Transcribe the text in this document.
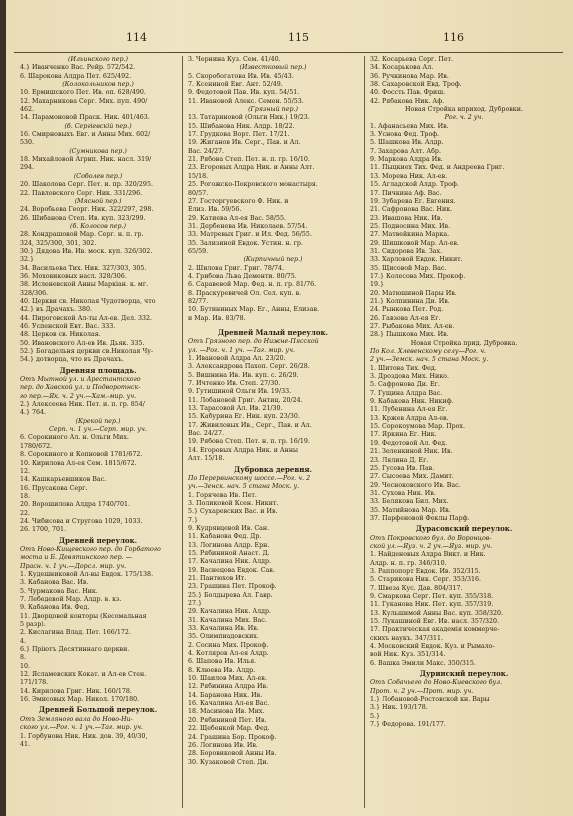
114	115	116
(Ильинского пер.)
4.} Иванченко Вас. Рейр. 572/542.
6. Шарокова Алдра Пет. 625/492.
(Колокольников пер.)
10. Ермишского Пет. Ив. оп. 628/490.
12. Махарникова Серг. Мих. пуп. 490/
462.
14. Парамоновой Праск. Ник. 401/463.
(б. Сергіевскій пер.)
16. Смирновыхъ Евг. и Анны Мих. 602/
530.
(Сумникова пер.)
18. Михайловой Агрип. Ник. насл. 319/
294.
(Соболев пер.)
20. Шаколова Серг. Пет. и. пр. 320/295.
22. Павловского Серг. Ник. 331/296.
(Мясной пер.)
24. Воробьева Георг. Ник. 322/297, 298.
26. Шибанова Степ. Ив. куп. 323/299.
(б. Колосов пер.)
28. Кондрашовой Мар. Серг. н. п. гр.
324, 325/300, 301, 302.
30.} Дядова Ив. Ив. моск. куп. 326/302.
32.}
34. Васильева Тих. Ник. 327/303, 305.
36. Моховиковых насл. 328/306.
38. Исленевской Анны Маркіан. к. мг.
328/306.
40. Церкви св. Николая Чудотворца, что
42.} въ Драчахъ. 380.
44. Пироговской Ал-ты Ал-ев. Дел. 332.
46. Успенской Евт. Вас. 333.
48. Церков св. Николая.
50. Ивановского Ал-ев Ив. Дьяк. 335.
52.} Богадельня церкви св.Николая Чу-
54.} дотворца, что въ Драчахъ.
Древняя площадь.
Отъ Мытной ул. и Арестантского
пер. до Хавской ул. и Подворотнск-
го пер.—Як. ч. 2 уч.—Хам.-мир. уч.
2.} Алексеева Ник. Пет. и. п. гр. 854/
4.} 764.
(Крекой пер.)
Серп. ч. 1 уч.—Серп. мир. уч.
6. Сорокиного Ал. н. Ольги Мих.
1780/672.
8. Сорокиного и Копновой 1781/672.
10. Кирилова Ал-ея Сем. 1815/672.
12.
14. Кашкарьевшиков Вас.
16. Прусакова Серг.
18.
20. Ворошилова Алдра 1740/701.
22.
24. Чибисова и Стругова 1029, 1033.
26. 1700, 701.
Древней переулок.
Отъ Ново-Кищевского пер. до Горбатого
моста и Б. Девятинского пер. —
Прасн. ч. 1 уч.—Дорсл. мир. уч.
1. Кудешниковой Ал-вы Евдок. 175/138.
3. Кабанова Вас. Ив.
5. Чурмакова Вас. Ник.
7. Лебедевой Мар. Алдр. в. кз.
9. Кабанова Ив. Фед.
11. Дворцовой конторы (Кесомальная
5 разр).
2. Кислагина Влад. Пет. 166/172.
4.
6.} Пріютъ Десятиннаго церкви.
8.
10.
12. Ясламевских Кокат. и Ал-ев Стен.
171/178.
14. Кирилова Григ. Ник. 160/178.
16. Эмисовых Мар. Никол. 170/180.
Древней Большой переулок.
Отъ Земляного вала до Ново-Ни-
ского ул.—Рог. ч. 1 уч.—Таг. мир. уч.
1. Горбунова Ник. Ник. дов. 39, 40/30,
41.
3. Чернина Куз. Сем. 41/40.
(Известковый пер.)
5. Скоробогатова Ив. Ив. 45/43.
7. Ксениной Евг. Ант. 52/49.
9. Федотовой Пав. Ив. куп. 54/51.
11. Ивановой Алекс. Семен. 55/53.
(Грязный пер.)
13. Татариновой (Ольги Ник.) 19/23.
15. Шибанова Ник. Алдр. 18/22.
17. Грудкова Ворт. Пет. 17/21.
19. Жиганов Ив. Серг., Пав. и Ал.
Вас. 24/27.
21. Рябова Степ. Пет. н. п. гр. 16/10.
23. Егоровых Алдра Ник. и Анны Алт.
15/18.
25. Рогожско-Покровского монастыря.
80/57.
27. Госторгуевского Ф. Ник. и
Елиз. Ив. 59/56.
29. Катиева Ал-ея Вас. 58/55.
31. Дербенева Ив. Николаев. 57/54.
33. Матревых Григ. и Ил. Фед. 56/55.
35. Зализиной Евдок. Устин. н. гр.
65/59.
(Кирпичный пер.)
2. Шилова Григ. Григ. 78/74.
4. Грибова Льва Дементи. 80/75.
6. Саравевой Мар. Фед. н. п. гр. 81/76.
8. Праскуревичей Ол. Сел. куп. в.
82/77.
10. Бутининых Мар. Ег., Анны, Елизав.
и Мар. Ив. 83/78.
Древней Малый переулок.
Отъ Грязного пер. до Нижне-Пясской
ул. —Рог. ч. 1 уч. —Таг. мир. уч.
1. Ивановой Алдра Ал. 23/20.
3. Александрова Пахоп. Серг. 26/28.
5. Вишнина Ив. Ив. куп. с. 26/29.
7. Ичтенко Ив. Степ. 27/30.
9. Гутишиной Ольги Ив. 19/33.
11. Лобановой Григ. Антиц. 20/24.
13. Тарасовой Ал. Ив. 21/30.
15. Кабурина Ег. Ник. куп. 23/30.
17. Живиловых Ив., Серг., Пав. и Ал.
Вас. 24/27.
19. Рябова Степ. Пет. н. п. гр. 16/19.
14. Егоровых Алдра Ник. и Анны
Алт. 15/18.
Дубровка деревня.
По Перервинскому шоссе.—Рог. ч. 2
уч.—Зенск. нач. 5 стана Моск. у.
1. Горячева Ив. Пет.
3. Поликовой Ксен. Никит.
5.} Сухаревских Вас. и Ив.
7.}
9. Кудрявцевой Ив. Сан.
11. Кабанова Фед. Др.
13. Логинова Алдр. Ерн.
15. Рябининой Анаст. Д.
17. Качалина Ник. Алдр.
19. Васнецова Евдок. Сав.
21. Пантюхов Ит.
23. Грашина Пет. Прокоф.
25.} Болдырева Ал. Гавр.
27.}
29. Качалина Ник. Алдр.
31. Качалина Мих. Вас.
33. Качалина Ив. Ив.
35. Олимпиадовских.
2. Сосина Мих. Прокоф.
4. Котляров Ал-ея Алдр.
6. Шапова Ив. Илья.
8. Клюева Ив. Алдр.
10. Шаилов Мих. Ал-ев.
12. Рябинина Алдра Ив.
14. Баранова Ник. Ив.
16. Качалина Ал-ея Вас.
18. Масинова Ив. Мих.
20. Рябининой Пет. Ив.
22. Щебенкой Мар. Фед.
24. Грашина Бор. Прокоф.
26. Логинова Ив. Ив.
28. Боровиковой Анны Ив.
30. Кузаковой Степ. Ди.
32. Косарьева Серг. Пет.
34. Косарькова Ал.
36. Ручкинова Мар. Ив.
38. Сахаровской Евд. Троф.
40. Фоссть Пав. Фриш.
42. Рябакова Ник. Аф.
Новая Стройка вприход. Дубровки.
Рог. ч. 2 уч.
1. Афанасьева Мих. Ив.
3. Уснова Фед. Троф.
5. Шашкова Ив. Алдр.
7. Захарова Алт. Абр.
9. Маркова Алдра Ив.
11. Пыцкиех Тих. Фед. и Андреева Григ.
13. Морева Ник. Ал-ев.
15. Агладской Алдр. Троф.
17. Пичкина Аф. Вас.
19. Зубарева Ег. Евгения.
21. Сафронова Вас. Ник.
23. Ивашова Ник. Ив.
25. Подносина Мих. Ив.
27. Матвейкина Марка.
29. Шишковой Мар. Ал-ев.
31. Сидорова Ив. Зах.
33. Харловой Евдок. Никит.
35. Щисовой Мар. Вас.
17.} Колесова Мих. Прокоф.
19.}
20. Матюшиной Пары Ив.
21.} Колпинина Ди. Ив.
24. Рынкова Пет. Род.
26. Гавзова Ал-ея Ег.
27. Рыбакова Мих. Ал-ев.
28.} Пышкова Мих. Ив.
Новая Стройка прид. Дубровка.
По Кол. Хлевенскому селу—Рог. ч.
2 уч.—Земск. нач. 5 стана Моск. у.
1. Шитова Тих. Фед.
3. Дроздова Мих. Нико.
5. Сафронова Ди. Ег.
7. Гущина Алдра Вас.
9. Кабакова Ник. Никиф.
11. Лубенина Ал-ея Ег.
13. Кржев Алдра Ал-ев.
15. Сорокоумова Мар. Прох.
17. Яркина Ег. Ник.
19. Федотовой Ал. Фед.
21. Зеленкиной Ник. Ив.
23. Лялина Д. Ег.
25. Гусева Ив. Пав.
27. Сысоева Мих. Дамит.
29. Чесноковского Ив. Вас.
31. Сухова Ник. Ив.
33. Белякова Бил. Мих.
35. Матийнова Мар. Ив.
37. Парфеновой Феклы Парф.
Дурасовский переулок.
Отъ Покровского бул. до Воронцов-
ской ул.—Яуз. ч. 2 уч.—Яуз. мир. уч.
1. Найденовых Алдра Викт. и Ник.
Алдр. н. п. гр. 346/310.
3. Раппопорт Евдок. Ив. 352/315.
5. Старикова Ник. Серг. 353/316.
7. Швеза Кус. Дав. 804/317.
9. Смаркова Серг. Пет. куп. 355/318.
11. Гуканова Ник. Пет. куп. 357/319.
13. Кульшимой Анны Вас. куп. 358/320.
15. Лукашиной Евг. Ив. насл. 357/320.
17. Практическая академія коммерче-
скихъ наукъ. 347/311.
4. Московский Евдок. Куз. и Рымало-
вой Ник. Куз. 351/314.
6. Вашка Эмили Макс. 350/315.
Дуринский переулок.
Отъ Собачьего до Ново-Киевского бул.
Прот. ч. 2 уч.—Прот. мир. уч.
1.} Лобановой-Ростовской кн. Вары
3.} Ник. 193/178.
5.}
7.} Федорова. 191/177.
